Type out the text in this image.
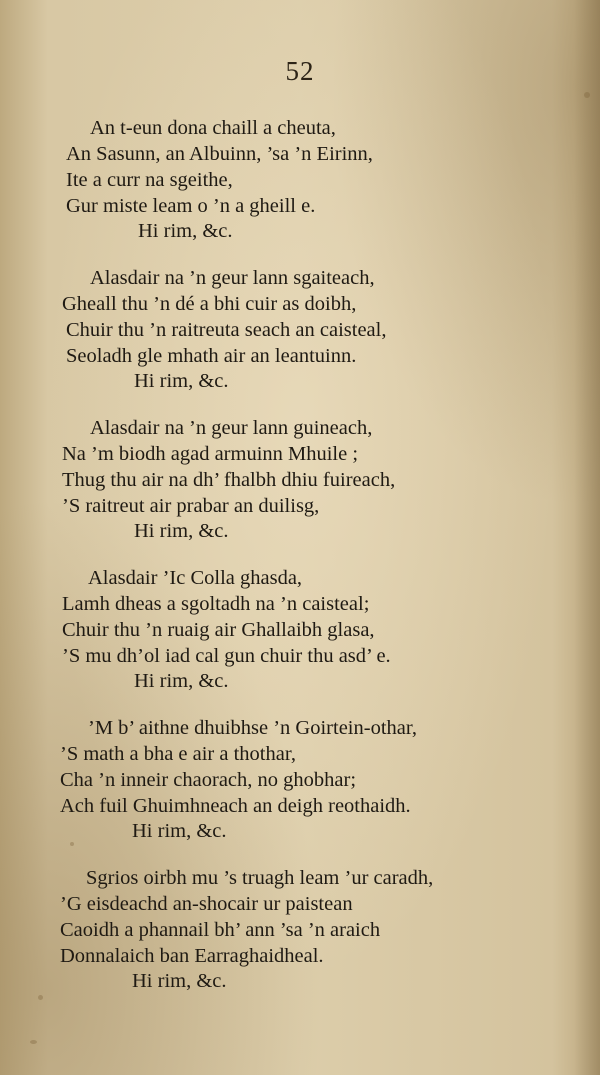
52
An t-eun dona chaill a cheuta,
An Sasunn, an Albuinn, ’sa ’n Eirinn,
Ite a curr na sgeithe,
Gur miste leam o ’n a gheill e.
Hi rim, &c.
Alasdair na ’n geur lann sgaiteach,
Gheall thu ’n dé a bhi cuir as doibh,
Chuir thu ’n raitreuta seach an caisteal,
Seoladh gle mhath air an leantuinn.
Hi rim, &c.
Alasdair na ’n geur lann guineach,
Na ’m biodh agad armuinn Mhuile ;
Thug thu air na dh’ fhalbh dhiu fuireach,
’S raitreut air prabar an duilisg,
Hi rim, &c.
Alasdair ’Ic Colla ghasda,
Lamh dheas a sgoltadh na ’n caisteal;
Chuir thu ’n ruaig air Ghallaibh glasa,
’S mu dh’ol iad cal gun chuir thu asd’ e.
Hi rim, &c.
’M b’ aithne dhuibhse ’n Goirtein-othar,
’S math a bha e air a thothar,
Cha ’n inneir chaorach, no ghobhar;
Ach fuil Ghuimhneach an deigh reothaidh.
Hi rim, &c.
Sgrios oirbh mu ’s truagh leam ’ur caradh,
’G eisdeachd an-shocair ur paistean
Caoidh a phannail bh’ ann ’sa ’n araich
Donnalaich ban Earraghaidheal.
Hi rim, &c.
